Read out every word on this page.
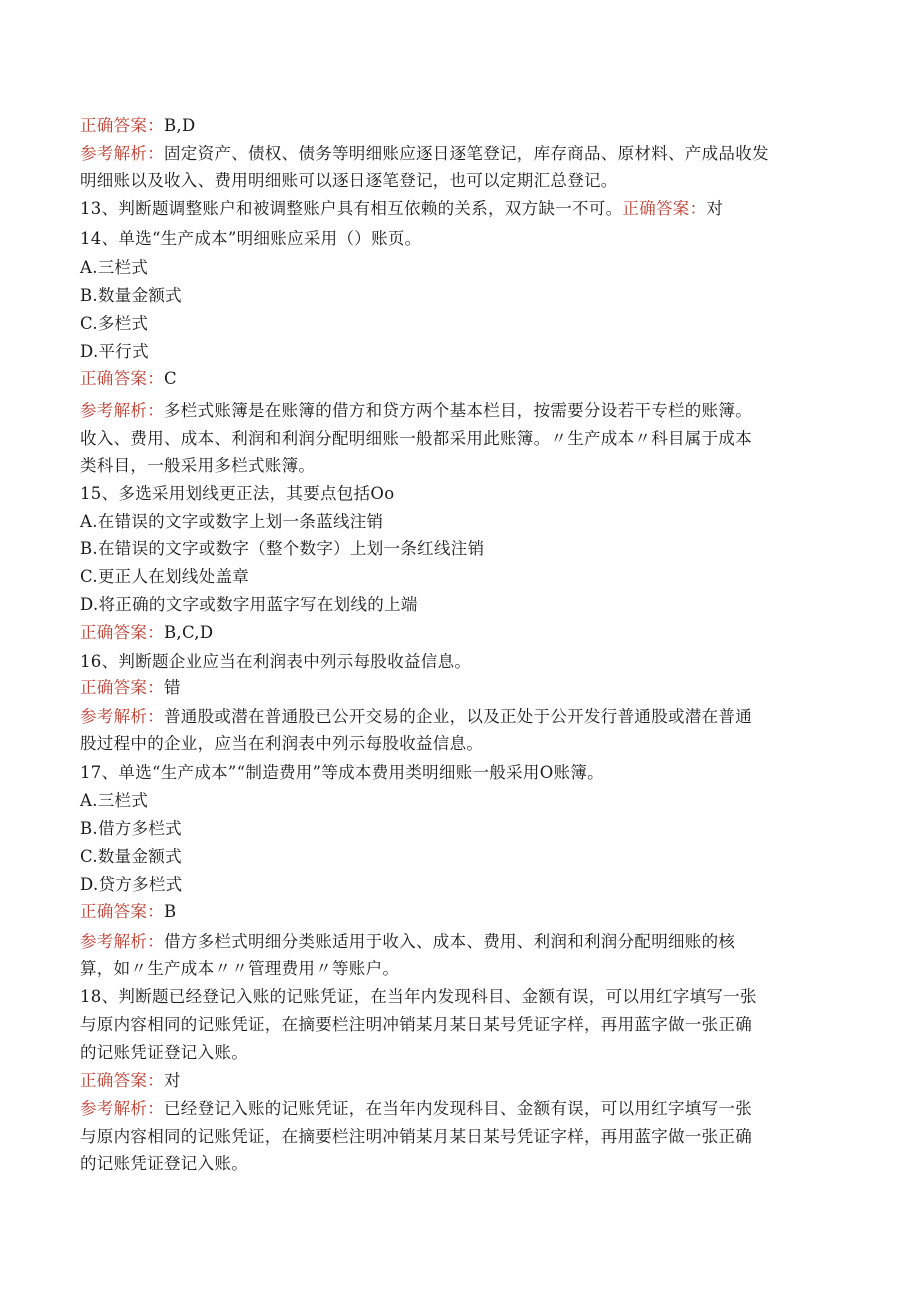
正确答案：B,D
参考解析：固定资产、债权、债务等明细账应逐日逐笔登记，库存商品、原材料、产成品收发
明细账以及收入、费用明细账可以逐日逐笔登记，也可以定期汇总登记。
13、判断题调整账户和被调整账户具有相互依赖的关系，双方缺一不可。正确答案：对
14、单选“生产成本”明细账应采用（）账页。
A.三栏式
B.数量金额式
C.多栏式
D.平行式
正确答案：C
参考解析：多栏式账簿是在账簿的借方和贷方两个基本栏目，按需要分设若干专栏的账簿。
收入、费用、成本、利润和利润分配明细账一般都采用此账簿。〃生产成本〃科目属于成本
类科目，一般采用多栏式账簿。
15、多选采用划线更正法，其要点包括Oo
A.在错误的文字或数字上划一条蓝线注销
B.在错误的文字或数字（整个数字）上划一条红线注销
C.更正人在划线处盖章
D.将正确的文字或数字用蓝字写在划线的上端
正确答案：B,C,D
16、判断题企业应当在利润表中列示每股收益信息。
正确答案：错
参考解析：普通股或潜在普通股已公开交易的企业，以及正处于公开发行普通股或潜在普通
股过程中的企业，应当在利润表中列示每股收益信息。
17、单选“生产成本”“制造费用”等成本费用类明细账一般采用O账簿。
A.三栏式
B.借方多栏式
C.数量金额式
D.贷方多栏式
正确答案：B
参考解析：借方多栏式明细分类账适用于收入、成本、费用、利润和利润分配明细账的核
算，如〃生产成本〃〃管理费用〃等账户。
18、判断题已经登记入账的记账凭证，在当年内发现科目、金额有误，可以用红字填写一张
与原内容相同的记账凭证，在摘要栏注明冲销某月某日某号凭证字样，再用蓝字做一张正确
的记账凭证登记入账。
正确答案：对
参考解析：已经登记入账的记账凭证，在当年内发现科目、金额有误，可以用红字填写一张
与原内容相同的记账凭证，在摘要栏注明冲销某月某日某号凭证字样，再用蓝字做一张正确
的记账凭证登记入账。
